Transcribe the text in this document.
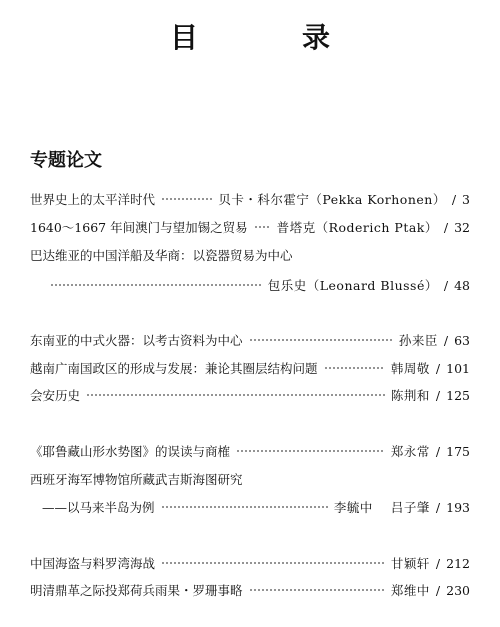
目　录
专题论文
世界史上的太平洋时代	贝卡・科尔霍宁（Pekka Korhonen） / 3
1640～1667 年间澳门与望加锡之贸易 普塔克（Roderich Ptak） / 32
巴达维亚的中国洋船及华商：以瓷器贸易为中心
包乐史（Leonard Blussé） / 48
东南亚的中式火器：以考古资料为中心	孙来臣 / 63
越南广南国政区的形成与发展：兼论其圈层结构问题	韩周敬 / 101
会安历史	陈荆和 / 125
《耶鲁藏山形水势图》的误读与商榷	郑永常 / 175
西班牙海军博物馆所藏武吉斯海图研究
——以马来半岛为例	李毓中 吕子肇 / 193
中国海盗与料罗湾海战	甘颖轩 / 212
明清鼎革之际投郑荷兵雨果・罗珊事略	郑维中 / 230
